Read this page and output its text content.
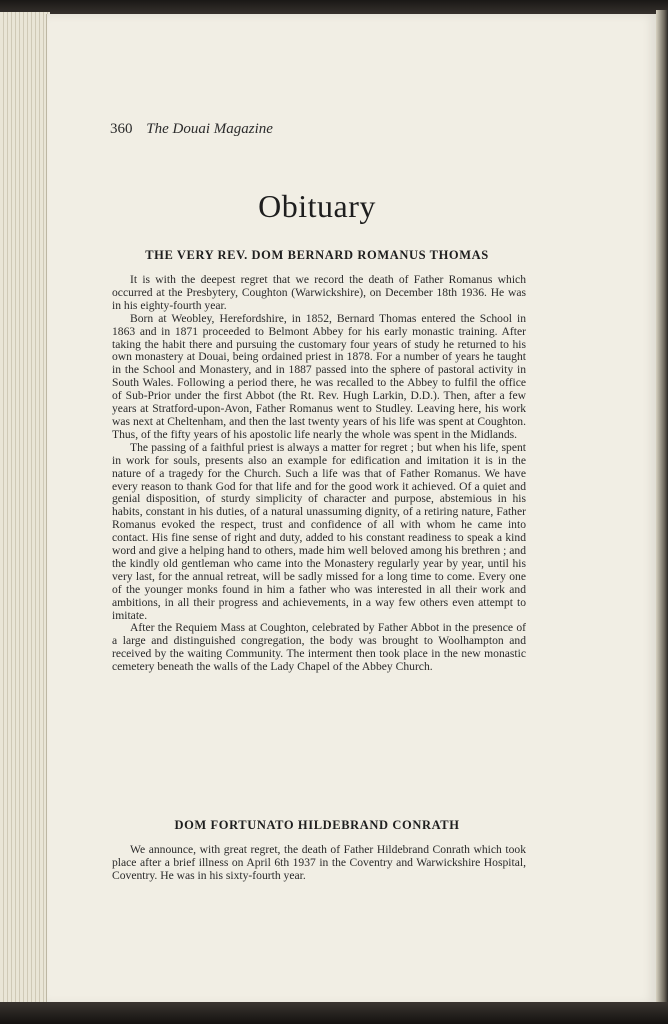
360 The Douai Magazine
Obituary
THE VERY REV. DOM BERNARD ROMANUS THOMAS

It is with the deepest regret that we record the death of Father Romanus which occurred at the Presbytery, Coughton (Warwickshire), on December 18th 1936. He was in his eighty-fourth year.

Born at Weobley, Herefordshire, in 1852, Bernard Thomas entered the School in 1863 and in 1871 proceeded to Belmont Abbey for his early monastic training. After taking the habit there and pursuing the customary four years of study he returned to his own monastery at Douai, being ordained priest in 1878. For a number of years he taught in the School and Monastery, and in 1887 passed into the sphere of pastoral activity in South Wales. Following a period there, he was recalled to the Abbey to fulfil the office of Sub-Prior under the first Abbot (the Rt. Rev. Hugh Larkin, D.D.). Then, after a few years at Stratford-upon-Avon, Father Romanus went to Studley. Leaving here, his work was next at Cheltenham, and then the last twenty years of his life was spent at Coughton. Thus, of the fifty years of his apostolic life nearly the whole was spent in the Midlands.

The passing of a faithful priest is always a matter for regret ; but when his life, spent in work for souls, presents also an example for edification and imitation it is in the nature of a tragedy for the Church. Such a life was that of Father Romanus. We have every reason to thank God for that life and for the good work it achieved. Of a quiet and genial disposition, of sturdy simplicity of character and purpose, abstemious in his habits, constant in his duties, of a natural unassuming dignity, of a retiring nature, Father Romanus evoked the respect, trust and confidence of all with whom he came into contact. His fine sense of right and duty, added to his constant readiness to speak a kind word and give a helping hand to others, made him well beloved among his brethren ; and the kindly old gentleman who came into the Monastery regularly year by year, until his very last, for the annual retreat, will be sadly missed for a long time to come. Every one of the younger monks found in him a father who was interested in all their work and ambitions, in all their progress and achievements, in a way few others even attempt to imitate.

After the Requiem Mass at Coughton, celebrated by Father Abbot in the presence of a large and distinguished congregation, the body was brought to Woolhampton and received by the waiting Community. The interment then took place in the new monastic cemetery beneath the walls of the Lady Chapel of the Abbey Church.

DOM FORTUNATO HILDEBRAND CONRATH

We announce, with great regret, the death of Father Hildebrand Conrath which took place after a brief illness on April 6th 1937 in the Coventry and Warwickshire Hospital, Coventry. He was in his sixty-fourth year.
